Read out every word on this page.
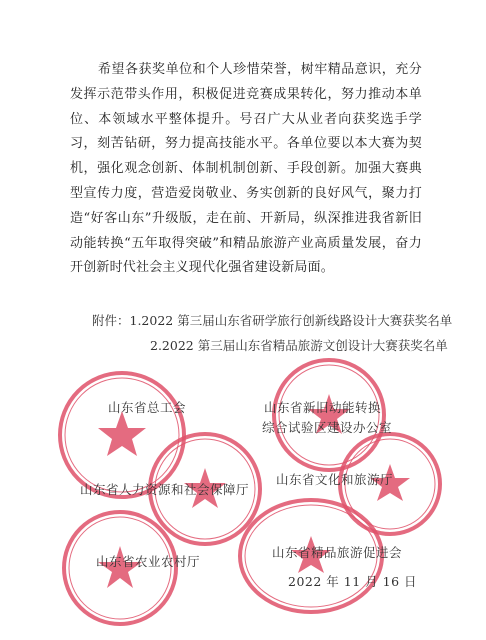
希望各获奖单位和个人珍惜荣誉，树牢精品意识，充分发挥示范带头作用，积极促进竞赛成果转化，努力推动本单位、本领域水平整体提升。号召广大从业者向获奖选手学习，刻苦钻研，努力提高技能水平。各单位要以本大赛为契机，强化观念创新、体制机制创新、手段创新。加强大赛典型宣传力度，营造爱岗敬业、务实创新的良好风气，聚力打造“好客山东”升级版，走在前、开新局，纵深推进我省新旧动能转换“五年取得突破”和精品旅游产业高质量发展，奋力开创新时代社会主义现代化强省建设新局面。

附件：1.2022 第三届山东省研学旅行创新线路设计大赛获奖名单
2.2022 第三届山东省精品旅游文创设计大赛获奖名单
山东省总工会	山东省新旧动能转换
综合试验区建设办公室
山东省人力资源和社会保障厅
山东省文化和旅游厅
山东省农业农村厅
山东省精品旅游促进会
2022 年 11 月 16 日
